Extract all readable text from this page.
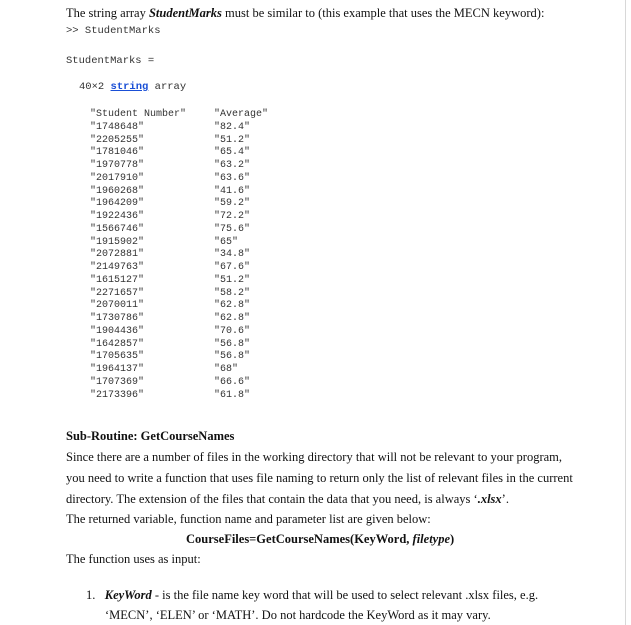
The string array StudentMarks must be similar to (this example that uses the MECN keyword):
>> StudentMarks
StudentMarks =
40×2 string array
"Student Number"	"Average"
"1748648"	"82.4"
"2205255"	"51.2"
"1781046"	"65.4"
"1970778"	"63.2"
"2017910"	"63.6"
"1960268"	"41.6"
"1964209"	"59.2"
"1922436"	"72.2"
"1566746"	"75.6"
"1915902"	"65"
"2072881"	"34.8"
"2149763"	"67.6"
"1615127"	"51.2"
"2271657"	"58.2"
"2070011"	"62.8"
"1730786"	"62.8"
"1904436"	"70.6"
"1642857"	"56.8"
"1705635"	"56.8"
"1964137"	"68"
"1707369"	"66.6"
"2173396"	"61.8"
Sub-Routine: GetCourseNames
Since there are a number of files in the working directory that will not be relevant to your program,
you need to write a function that uses file naming to return only the list of relevant files in the current
directory. The extension of the files that contain the data that you need, is always ‘.xlsx’.
The returned variable, function name and parameter list are given below:
CourseFiles=GetCourseNames(KeyWord, filetype)
The function uses as input:
1. KeyWord - is the file name key word that will be used to select relevant .xlsx files, e.g.
‘MECN’, ‘ELEN’ or ‘MATH’. Do not hardcode the KeyWord as it may vary.
